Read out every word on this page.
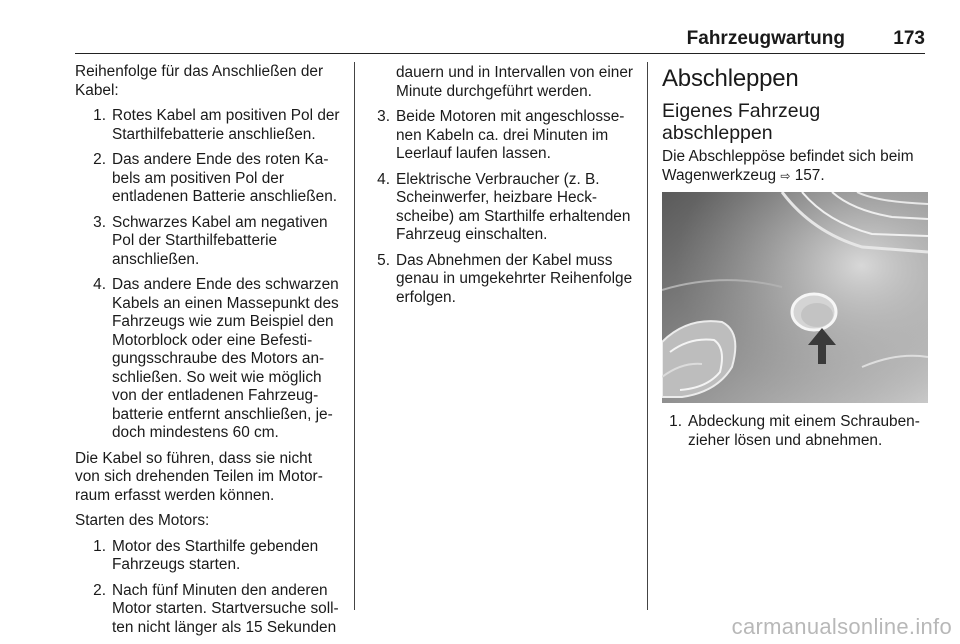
Fahrzeugwartung	173

Reihenfolge für das Anschließen der Kabel:

1. Rotes Kabel am positiven Pol der Starthilfebatterie anschließen.
2. Das andere Ende des roten Kabels am positiven Pol der entladenen Batterie anschließen.
3. Schwarzes Kabel am negativen Pol der Starthilfebatterie anschließen.
4. Das andere Ende des schwarzen Kabels an einen Massepunkt des Fahrzeugs wie zum Beispiel den Motorblock oder eine Befestigungsschraube des Motors anschließen. So weit wie möglich von der entladenen Fahrzeugbatterie entfernt anschließen, jedoch mindestens 60 cm.

Die Kabel so führen, dass sie nicht von sich drehenden Teilen im Motorraum erfasst werden können.

Starten des Motors:

1. Motor des Starthilfe gebenden Fahrzeugs starten.
2. Nach fünf Minuten den anderen Motor starten. Startversuche sollten nicht länger als 15 Sekunden

dauern und in Intervallen von einer Minute durchgeführt werden.

3. Beide Motoren mit angeschlossenen Kabeln ca. drei Minuten im Leerlauf laufen lassen.
4. Elektrische Verbraucher (z. B. Scheinwerfer, heizbare Heckscheibe) am Starthilfe erhaltenden Fahrzeug einschalten.
5. Das Abnehmen der Kabel muss genau in umgekehrter Reihenfolge erfolgen.
Abschleppen
Eigenes Fahrzeug abschleppen

Die Abschleppöse befindet sich beim Wagenwerkzeug ⇨ 157.

1. Abdeckung mit einem Schraubenzieher lösen und abnehmen.
carmanualsonline.info
